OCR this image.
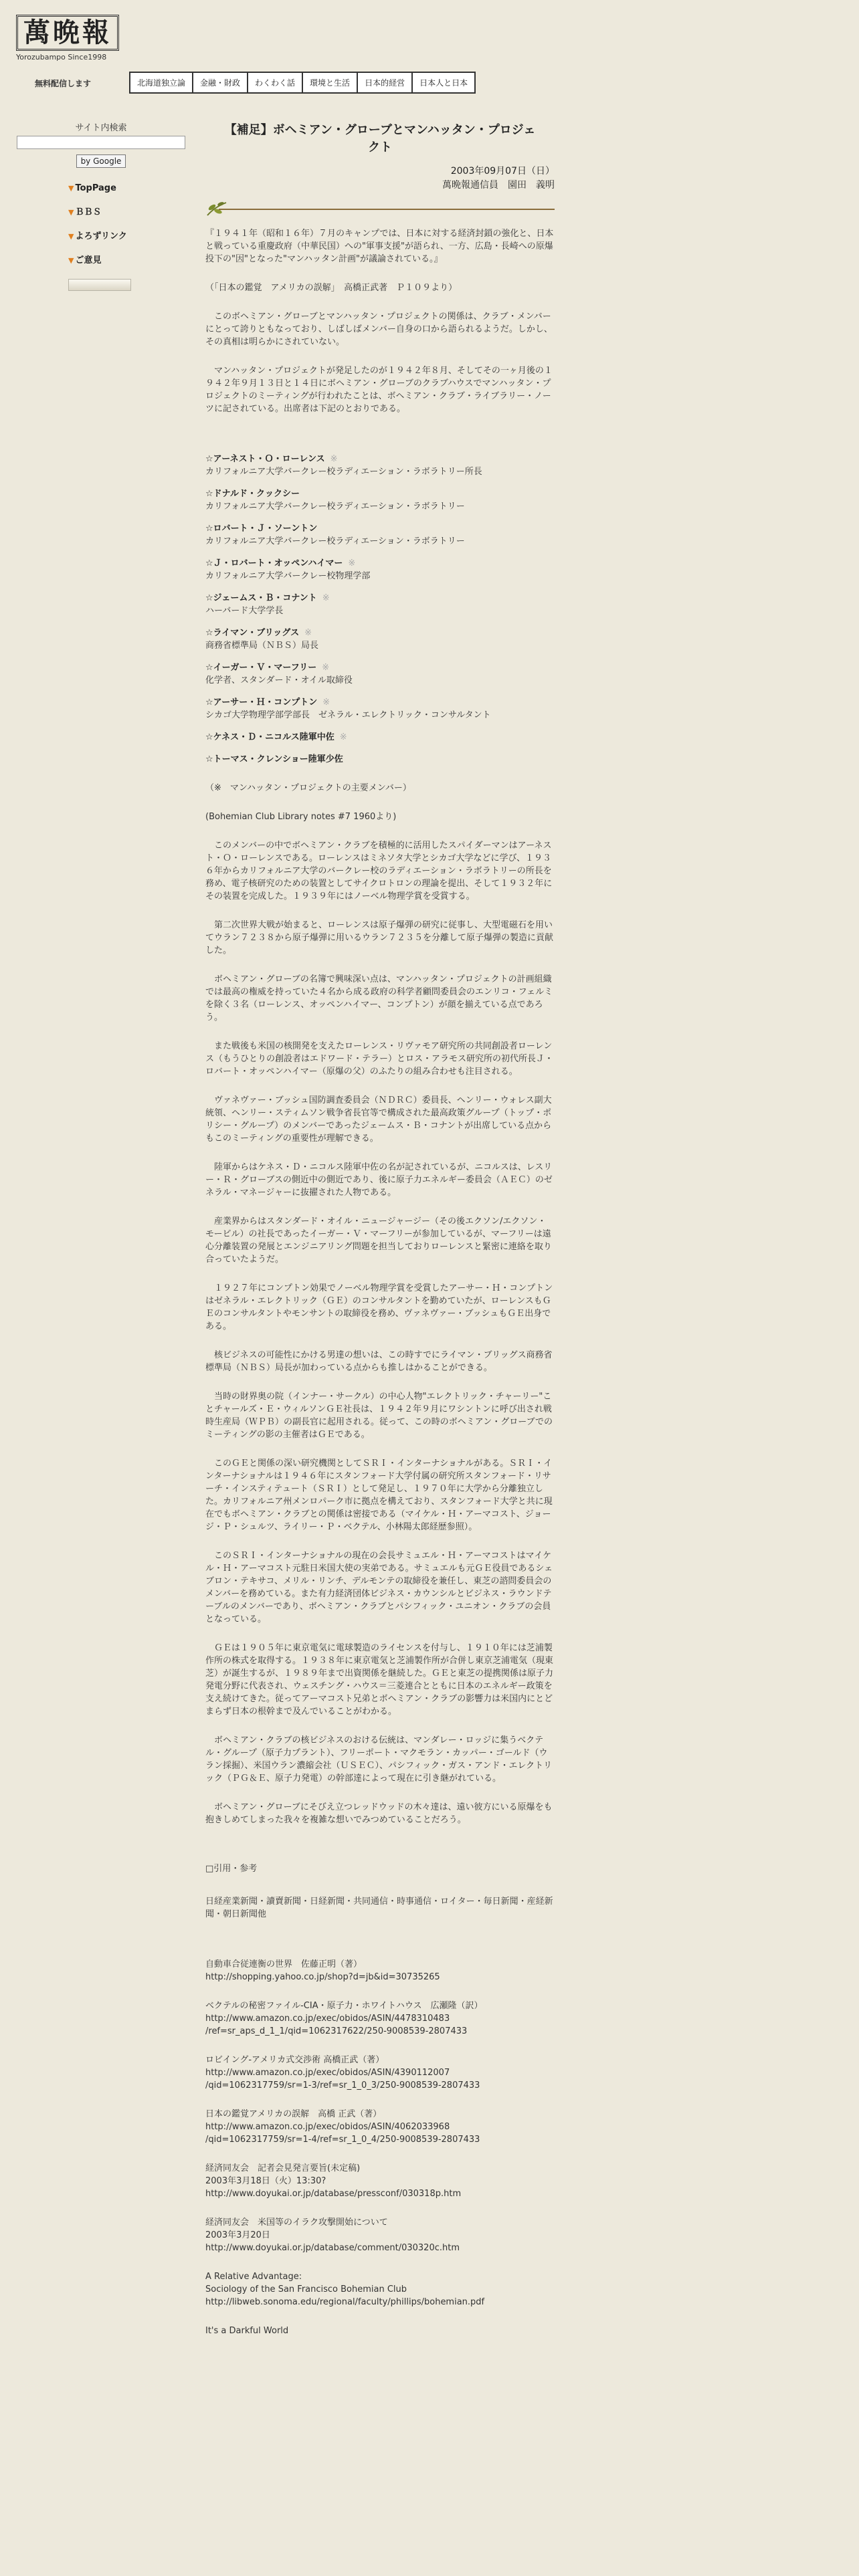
萬晩報
Yorozubampo Since1998
無料配信します	北海道独立論	金融・財政	わくわく話	環境と生活	日本的経営	日本人と日本
サイト内検索
by Google
▼ TopPage
▼ ＢＢＳ
▼ よろずリンク
▼ ご意見
【補足】ボヘミアン・グローブとマンハッタン・プロジェクト
2003年09月07日（日）
萬晩報通信員　園田　義明

『１９４１年（昭和１６年）７月のキャンプでは、日本に対する経済封鎖の強化と、日本と戦っている重慶政府（中華民国）への"軍事支援"が語られ、一方、広島・長崎への原爆投下の"因"となった"マンハッタン計画"が議論されている。』

（「日本の鑑覚　アメリカの誤解」　高橋正武著　Ｐ１０９より）

　このボヘミアン・グローブとマンハッタン・プロジェクトの関係は、クラブ・メンバーにとって誇りともなっており、しばしばメンバー自身の口から語られるようだ。しかし、その真相は明らかにされていない。

　マンハッタン・プロジェクトが発足したのが１９４２年８月、そしてその一ヶ月後の１９４２年９月１３日と１４日にボヘミアン・グローブのクラブハウスでマンハッタン・プロジェクトのミーティングが行われたことは、ボヘミアン・クラブ・ライブラリー・ノーツに記されている。出席者は下記のとおりである。

☆アーネスト・Ｏ・ローレンス ※
カリフォルニア大学バークレー校ラディエーション・ラボラトリー所長
☆ドナルド・クックシー
カリフォルニア大学バークレー校ラディエーション・ラボラトリー
☆ロバート・Ｊ・ソーントン
カリフォルニア大学バークレー校ラディエーション・ラボラトリー
☆Ｊ・ロバート・オッペンハイマー ※
カリフォルニア大学バークレー校物理学部
☆ジェームス・Ｂ・コナント ※
ハーバード大学学長
☆ライマン・ブリッグス ※
商務省標準局（ＮＢＳ）局長
☆イーガー・Ｖ・マーフリー ※
化学者、スタンダード・オイル取締役
☆アーサー・Ｈ・コンプトン ※
シカゴ大学物理学部学部長　ゼネラル・エレクトリック・コンサルタント
☆ケネス・Ｄ・ニコルス陸軍中佐 ※
☆トーマス・クレンショー陸軍少佐

（※　マンハッタン・プロジェクトの主要メンバー）

(Bohemian Club Library notes #7 1960より)

　このメンバーの中でボヘミアン・クラブを積極的に活用したスパイダーマンはアーネスト・Ｏ・ローレンスである。ローレンスはミネソタ大学とシカゴ大学などに学び、１９３６年からカリフォルニア大学のバークレー校のラディエーション・ラボラトリーの所長を務め、電子核研究のための装置としてサイクロトロンの理論を提出、そして１９３２年にその装置を完成した。１９３９年にはノーベル物理学賞を受賞する。

　第二次世界大戦が始まると、ローレンスは原子爆弾の研究に従事し、大型電磁石を用いてウラン７２３８から原子爆弾に用いるウラン７２３５を分離して原子爆弾の製造に貢献した。

　ボヘミアン・グローブの名簿で興味深い点は、マンハッタン・プロジェクトの計画組織では最高の権威を持っていた４名から成る政府の科学者顧問委員会のエンリコ・フェルミを除く３名（ローレンス、オッペンハイマー、コンプトン）が顔を揃えている点であろう。

　また戦後も米国の核開発を支えたローレンス・リヴァモア研究所の共同創設者ローレンス（もうひとりの創設者はエドワード・テラー）とロス・アラモス研究所の初代所長Ｊ・ロバート・オッペンハイマー（原爆の父）のふたりの組み合わせも注目される。

　ヴァネヴァー・ブッシュ国防調査委員会（ＮＤＲＣ）委員長、ヘンリー・ウォレス副大統領、ヘンリー・スティムソン戦争省長官等で構成された最高政策グループ（トップ・ポリシー・グループ）のメンバーであったジェームス・Ｂ・コナントが出席している点からもこのミーティングの重要性が理解できる。

　陸軍からはケネス・Ｄ・ニコルス陸軍中佐の名が記されているが、ニコルスは、レスリー・Ｒ・グローブスの側近中の側近であり、後に原子力エネルギー委員会（ＡＥＣ）のゼネラル・マネージャーに抜擢された人物である。

　産業界からはスタンダード・オイル・ニュージャージー（その後エクソン/エクソン・モービル）の社長であったイーガー・Ｖ・マーフリーが参加しているが、マーフリーは遠心分離装置の発展とエンジニアリング問題を担当しておりローレンスと緊密に連絡を取り合っていたようだ。

　１９２７年にコンプトン効果でノーベル物理学賞を受賞したアーサー・Ｈ・コンプトンはゼネラル・エレクトリック（ＧＥ）のコンサルタントを勤めていたが、ローレンスもＧＥのコンサルタントやモンサントの取締役を務め、ヴァネヴァー・ブッシュもＧＥ出身である。

　核ビジネスの可能性にかける男達の想いは、この時すでにライマン・ブリッグス商務省標準局（ＮＢＳ）局長が加わっている点からも推しはかることができる。

　当時の財界奥の院（インナー・サークル）の中心人物"エレクトリック・チャーリー"ことチャールズ・Ｅ・ウィルソンＧＥ社長は、１９４２年９月にワシントンに呼び出され戦時生産局（ＷＰＢ）の副長官に起用される。従って、この時のボヘミアン・グローブでのミーティングの影の主催者はＧＥである。

　このＧＥと関係の深い研究機関としてＳＲＩ・インターナショナルがある。ＳＲＩ・インターナショナルは１９４６年にスタンフォード大学付属の研究所スタンフォード・リサーチ・インスティテュート（ＳＲＩ）として発足し、１９７０年に大学から分離独立した。カリフォルニア州メンロパーク市に拠点を構えており、スタンフォード大学と共に現在でもボヘミアン・クラブとの関係は密接である（マイケル・Ｈ・アーマコスト、ジョージ・Ｐ・シュルツ、ライリー・Ｐ・ベクテル、小林陽太郎経歴参照）。

　このＳＲＩ・インターナショナルの現在の会長サミュエル・Ｈ・アーマコストはマイケル・Ｈ・アーマコスト元駐日米国大使の実弟である。サミュエルも元ＧＥ役員であるシェブロン・テキサコ、メリル・リンチ、デルモンテの取締役を兼任し、東芝の諮問委員会のメンバーを務めている。また有力経済団体ビジネス・カウンシルとビジネス・ラウンドテーブルのメンバーであり、ボヘミアン・クラブとパシフィック・ユニオン・クラブの会員となっている。

　ＧＥは１９０５年に東京電気に電球製造のライセンスを付与し、１９１０年には芝浦製作所の株式を取得する。１９３８年に東京電気と芝浦製作所が合併し東京芝浦電気（現東芝）が誕生するが、１９８９年まで出資関係を継続した。ＧＥと東芝の提携関係は原子力発電分野に代表され、ウェスチング・ハウス＝三菱連合とともに日本のエネルギー政策を支え続けてきた。従ってアーマコスト兄弟とボヘミアン・クラブの影響力は米国内にとどまらず日本の根幹まで及んでいることがわかる。

　ボヘミアン・クラブの核ビジネスのおける伝統は、マンダレー・ロッジに集うベクテル・グループ（原子力プラント）、フリーポート・マクモラン・カッパー・ゴールド（ウラン採掘）、米国ウラン濃縮会社（ＵＳＥＣ）、パシフィック・ガス・アンド・エレクトリック（ＰＧ＆Ｅ、原子力発電）の幹部達によって現在に引き継がれている。

　ボヘミアン・グローブにそびえ立つレッドウッドの木々達は、遠い彼方にいる原爆をも抱きしめてしまった我々を複雑な想いでみつめていることだろう。

□引用・参考
日経産業新聞・讀賣新聞・日経新聞・共同通信・時事通信・ロイター・毎日新聞・産経新聞・朝日新聞他
自動車合従連衡の世界　佐藤正明（著）
http://shopping.yahoo.co.jp/shop?d=jb&id=30735265
ベクテルの秘密ファイル-CIA・原子力・ホワイトハウス　広瀬隆（訳）
http://www.amazon.co.jp/exec/obidos/ASIN/4478310483
/ref=sr_aps_d_1_1/qid=1062317622/250-9008539-2807433
ロビイング-アメリカ式交渉術 高橋正武（著）
http://www.amazon.co.jp/exec/obidos/ASIN/4390112007
/qid=1062317759/sr=1-3/ref=sr_1_0_3/250-9008539-2807433
日本の鑑覚アメリカの誤解　高橋 正武（著）
http://www.amazon.co.jp/exec/obidos/ASIN/4062033968
/qid=1062317759/sr=1-4/ref=sr_1_0_4/250-9008539-2807433
経済同友会　記者会見発言要旨(未定稿)
2003年3月18日（火）13:30?
http://www.doyukai.or.jp/database/pressconf/030318p.htm
経済同友会　米国等のイラク攻撃開始について
2003年3月20日
http://www.doyukai.or.jp/database/comment/030320c.htm
A Relative Advantage:
Sociology of the San Francisco Bohemian Club
http://libweb.sonoma.edu/regional/faculty/phillips/bohemian.pdf
It's a Darkful World
